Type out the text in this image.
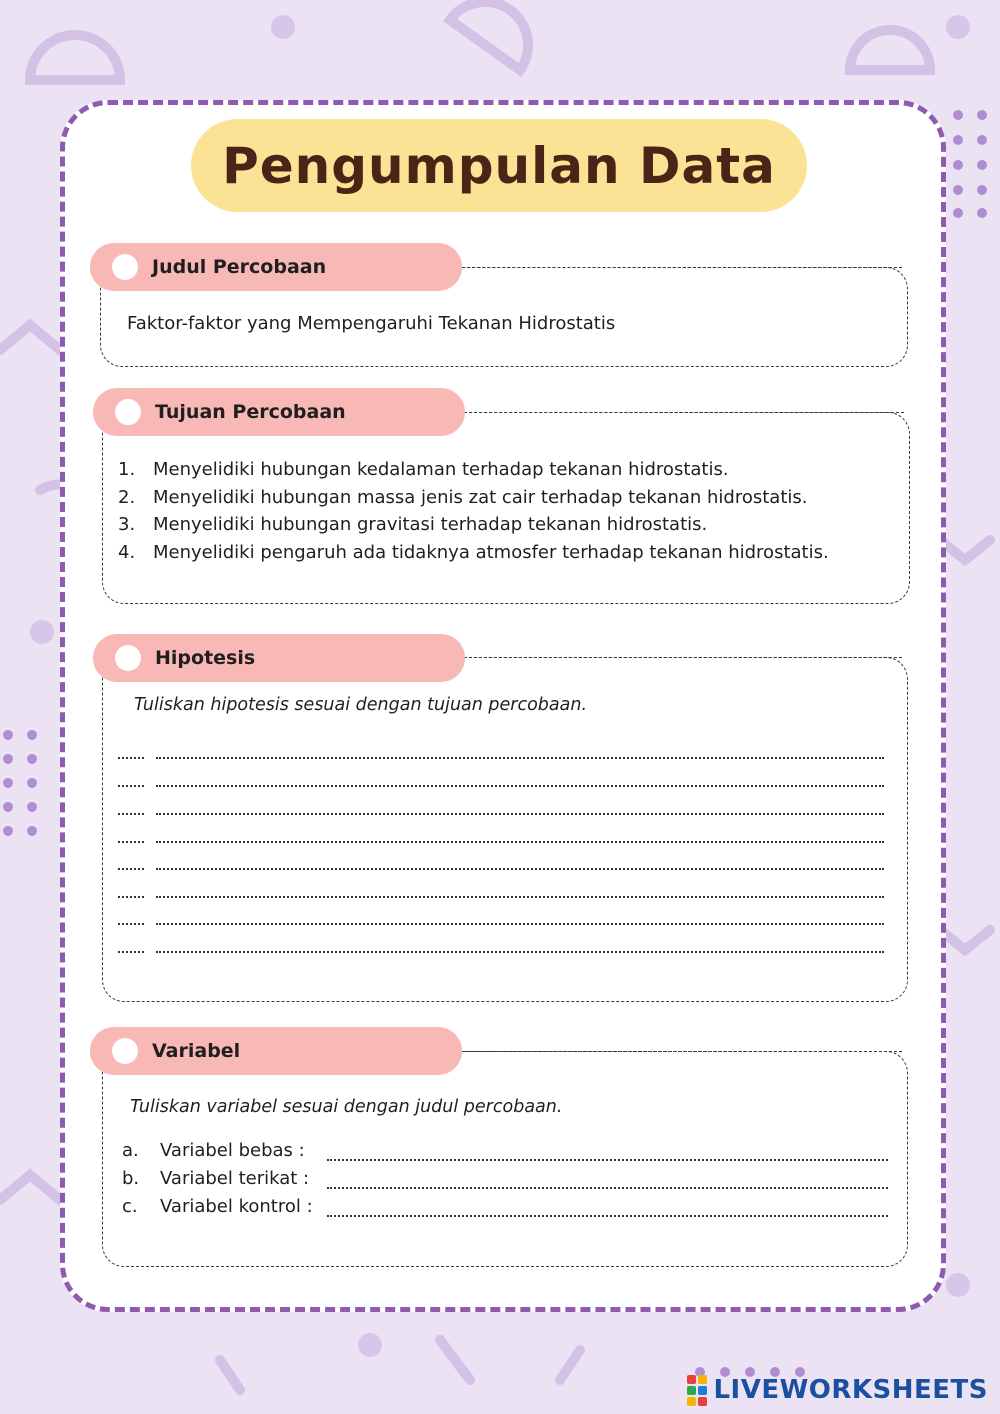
Pengumpulan Data
Judul Percobaan
Faktor-faktor yang Mempengaruhi Tekanan Hidrostatis
Tujuan Percobaan
1. Menyelidiki hubungan kedalaman terhadap tekanan hidrostatis.
2. Menyelidiki hubungan massa jenis zat cair terhadap tekanan hidrostatis.
3. Menyelidiki hubungan gravitasi terhadap tekanan hidrostatis.
4. Menyelidiki pengaruh ada tidaknya atmosfer terhadap tekanan hidrostatis.
Hipotesis
Tuliskan hipotesis sesuai dengan tujuan percobaan.
Variabel
Tuliskan variabel sesuai dengan judul percobaan.
a. Variabel bebas :
b. Variabel terikat :
c. Variabel kontrol :
LIVEWORKSHEETS
